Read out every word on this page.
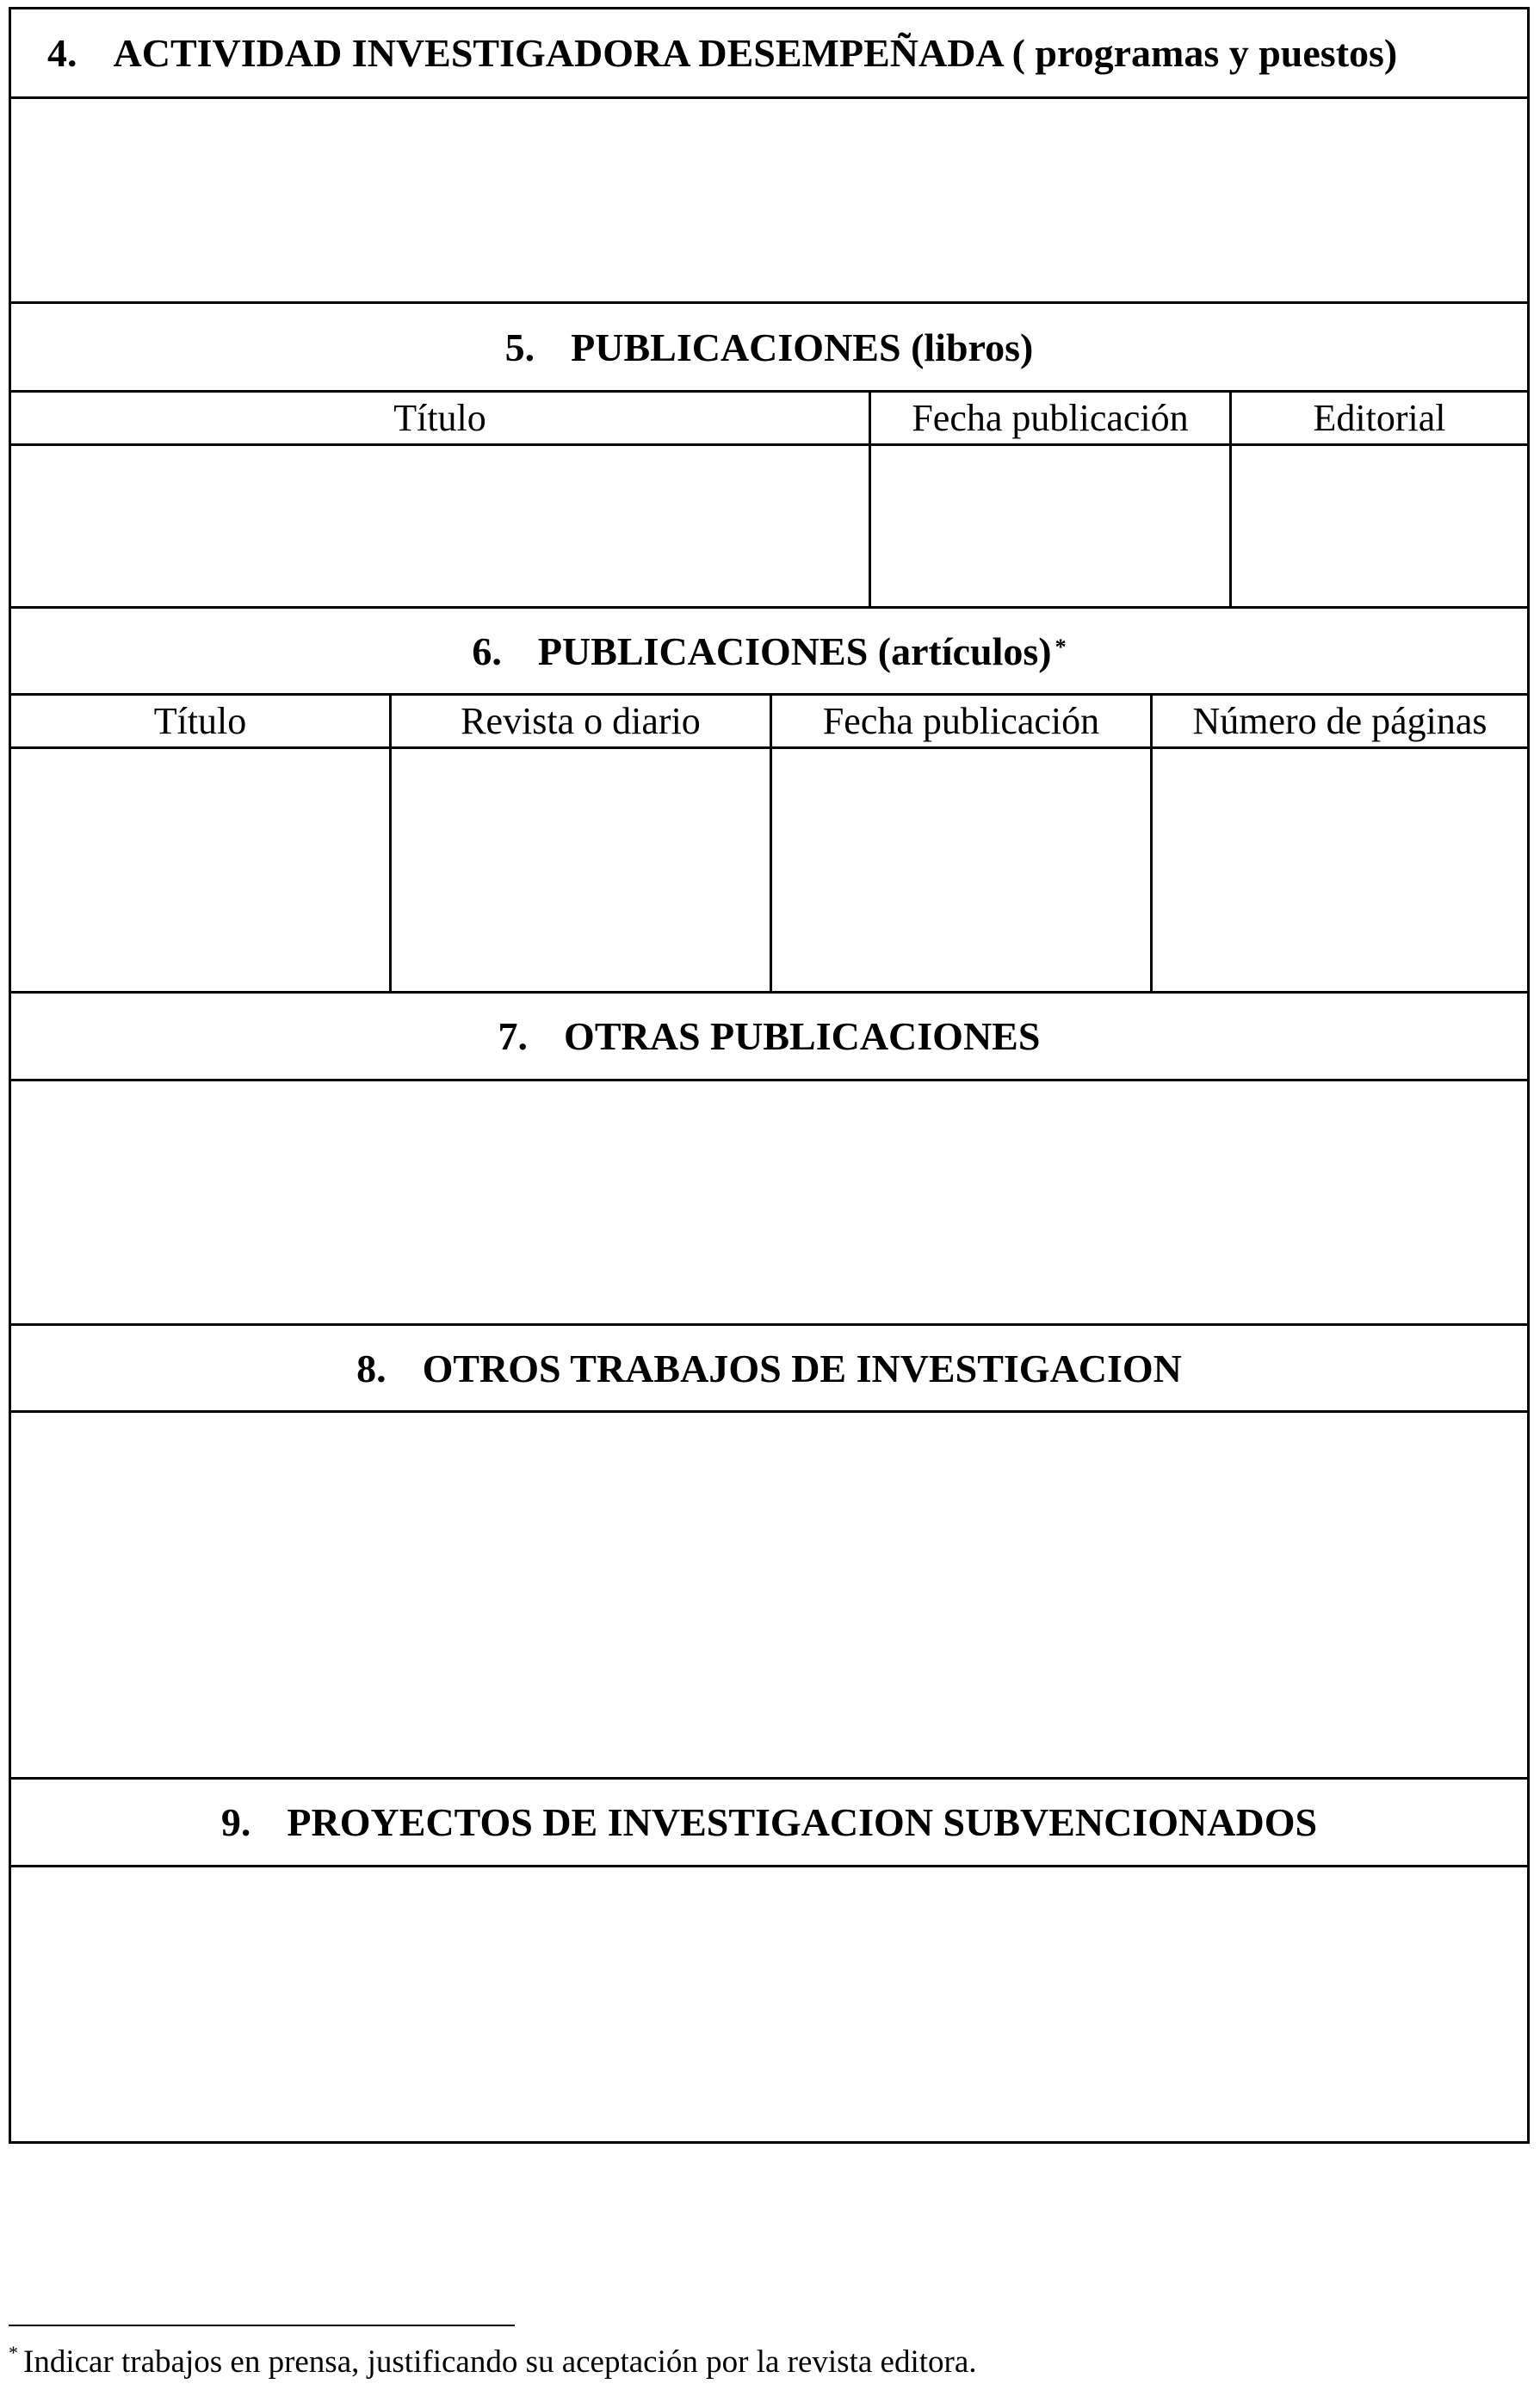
4. ACTIVIDAD INVESTIGADORA DESEMPEÑADA ( programas y puestos)
5. PUBLICACIONES (libros)
Título	Fecha publicación	Editorial
6. PUBLICACIONES (artículos)*
Título	Revista o diario	Fecha publicación	Número de páginas
7. OTRAS PUBLICACIONES
8. OTROS TRABAJOS DE INVESTIGACION
9. PROYECTOS DE INVESTIGACION SUBVENCIONADOS
* Indicar trabajos en prensa, justificando su aceptación por la revista editora.
